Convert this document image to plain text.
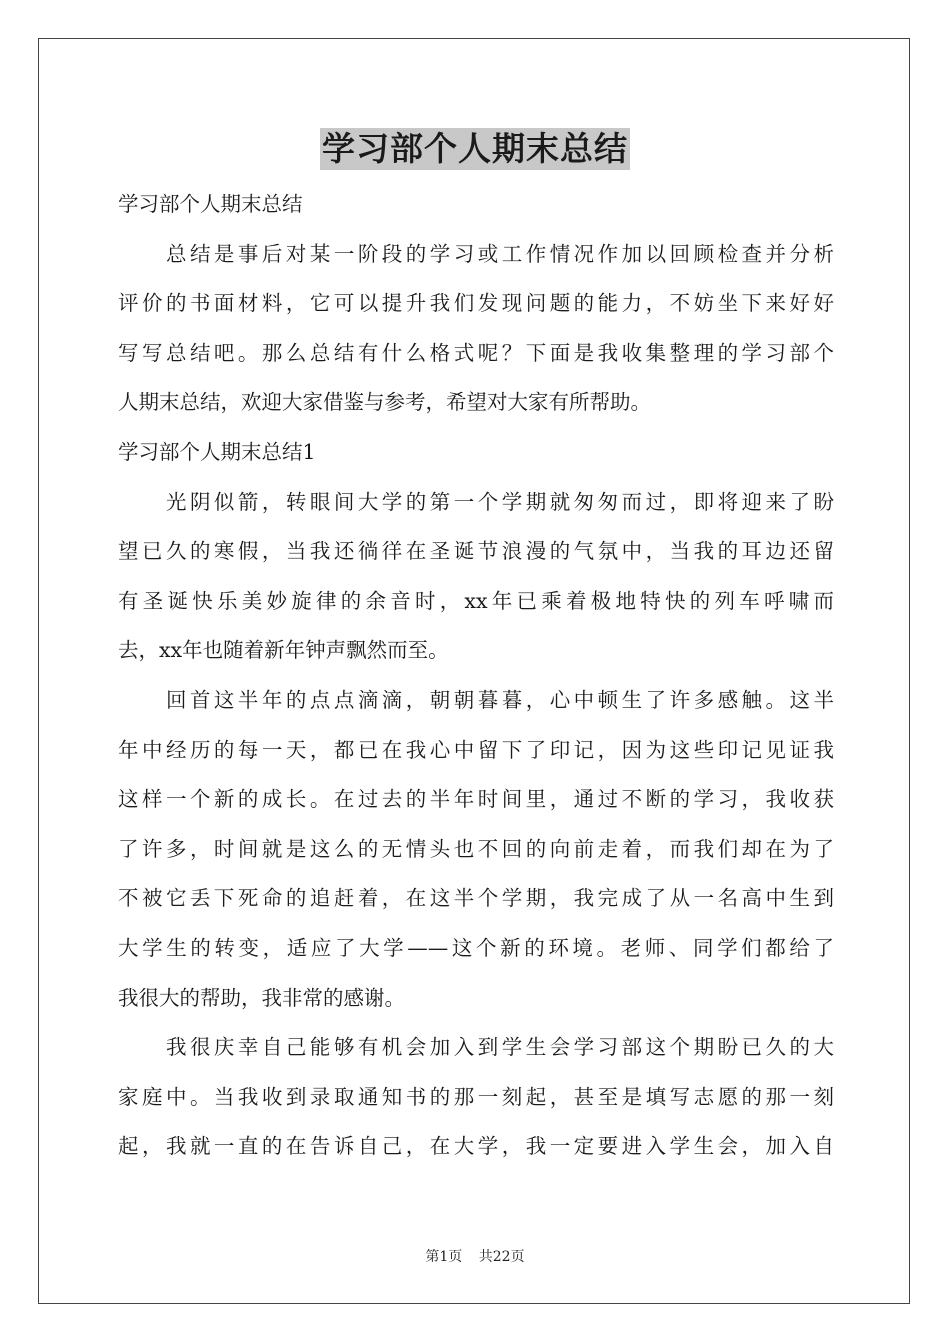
学习部个人期末总结
学习部个人期末总结
　　总结是事后对某一阶段的学习或工作情况作加以回顾检查并分析
评价的书面材料，它可以提升我们发现问题的能力，不妨坐下来好好
写写总结吧。那么总结有什么格式呢？下面是我收集整理的学习部个
人期末总结，欢迎大家借鉴与参考，希望对大家有所帮助。
学习部个人期末总结1
　　光阴似箭，转眼间大学的第一个学期就匆匆而过，即将迎来了盼
望已久的寒假，当我还徜徉在圣诞节浪漫的气氛中，当我的耳边还留
有圣诞快乐美妙旋律的余音时，xx年已乘着极地特快的列车呼啸而
去，xx年也随着新年钟声飘然而至。
　　回首这半年的点点滴滴，朝朝暮暮，心中顿生了许多感触。这半
年中经历的每一天，都已在我心中留下了印记，因为这些印记见证我
这样一个新的成长。在过去的半年时间里，通过不断的学习，我收获
了许多，时间就是这么的无情头也不回的向前走着，而我们却在为了
不被它丢下死命的追赶着，在这半个学期，我完成了从一名高中生到
大学生的转变，适应了大学——这个新的环境。老师、同学们都给了
我很大的帮助，我非常的感谢。
　　我很庆幸自己能够有机会加入到学生会学习部这个期盼已久的大
家庭中。当我收到录取通知书的那一刻起，甚至是填写志愿的那一刻
起，我就一直的在告诉自己，在大学，我一定要进入学生会，加入自
第1页 共22页
